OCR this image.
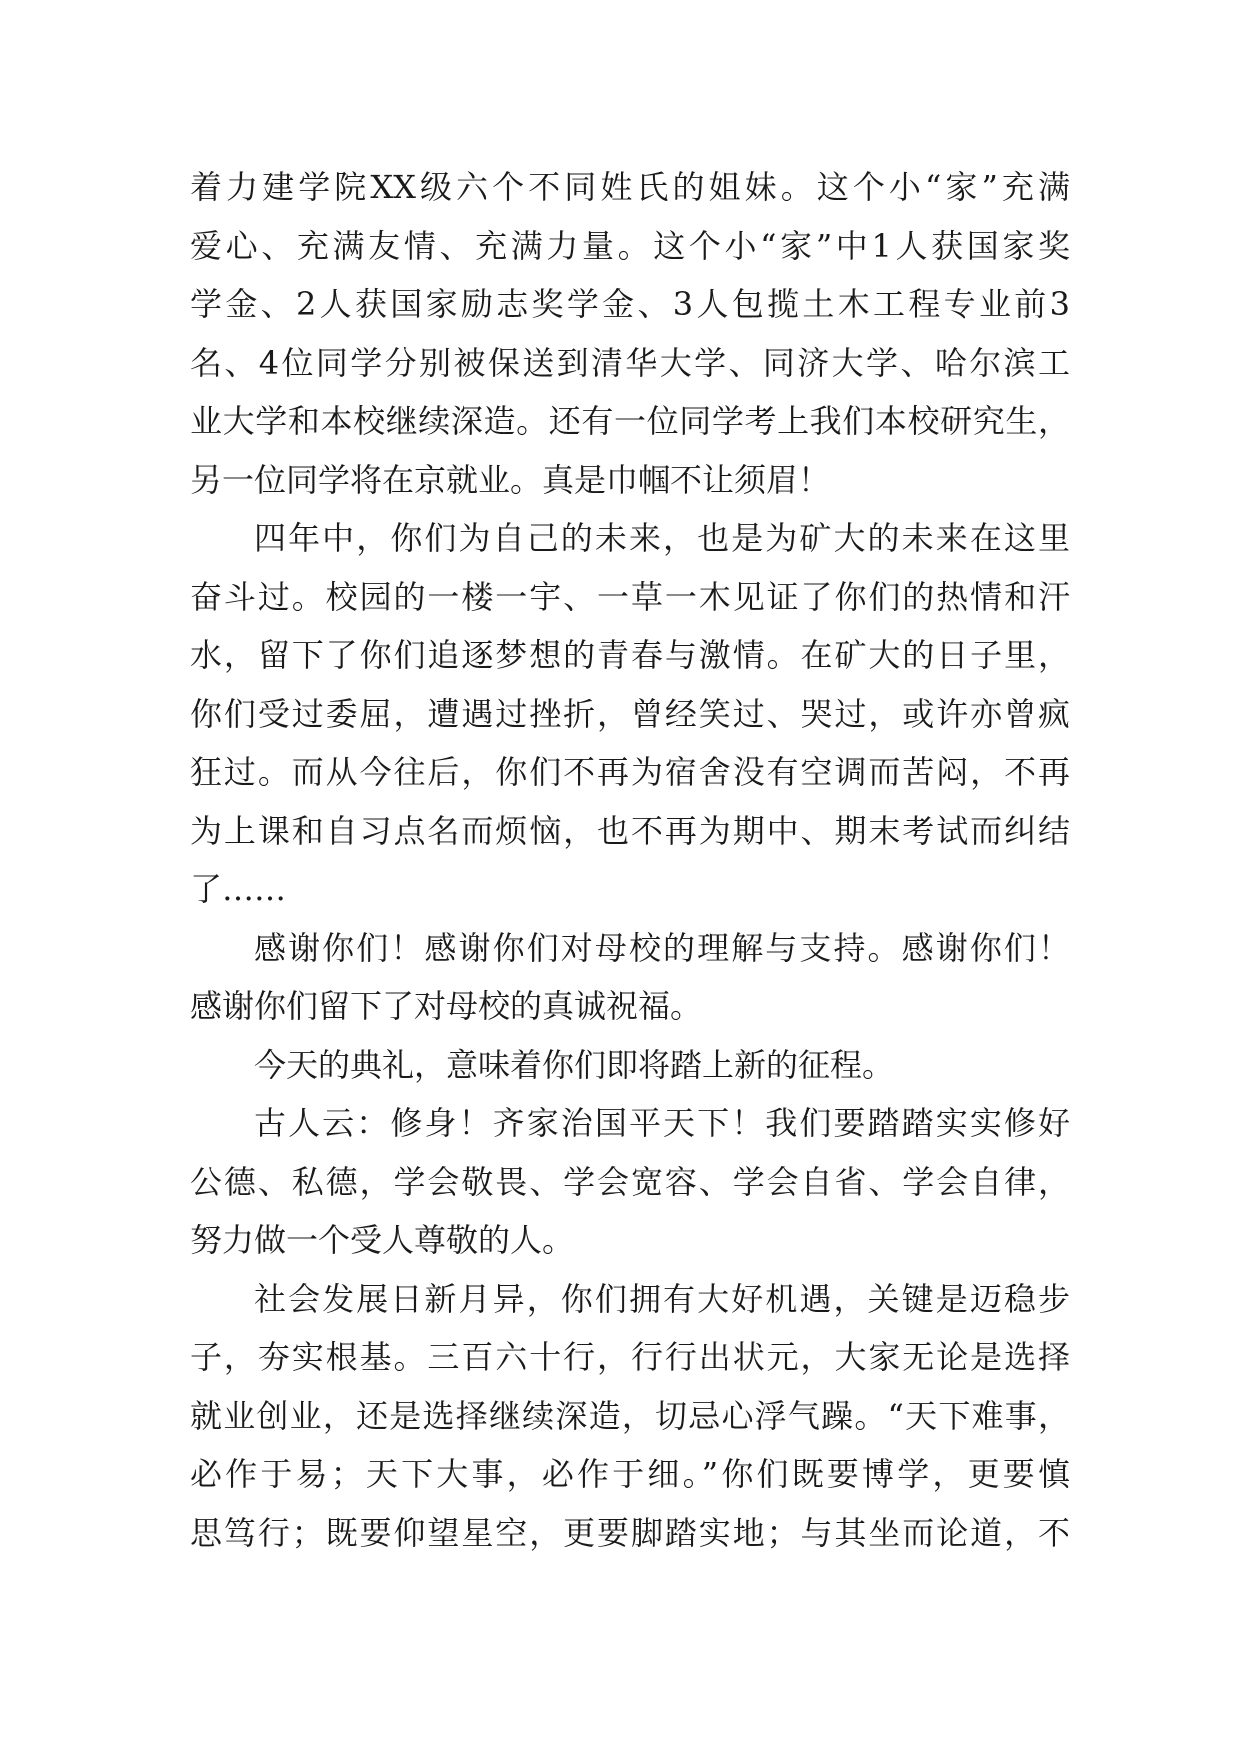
着力建学院XX级六个不同姓氏的姐妹。这个小“家”充满
爱心、充满友情、充满力量。这个小“家”中1人获国家奖
学金、2人获国家励志奖学金、3人包揽土木工程专业前3
名、4位同学分别被保送到清华大学、同济大学、哈尔滨工
业大学和本校继续深造。还有一位同学考上我们本校研究生，
另一位同学将在京就业。真是巾帼不让须眉！
四年中，你们为自己的未来，也是为矿大的未来在这里
奋斗过。校园的一楼一宇、一草一木见证了你们的热情和汗
水，留下了你们追逐梦想的青春与激情。在矿大的日子里，
你们受过委屈，遭遇过挫折，曾经笑过、哭过，或许亦曾疯
狂过。而从今往后，你们不再为宿舍没有空调而苦闷，不再
为上课和自习点名而烦恼，也不再为期中、期末考试而纠结
了……
感谢你们！感谢你们对母校的理解与支持。感谢你们！
感谢你们留下了对母校的真诚祝福。
今天的典礼，意味着你们即将踏上新的征程。
古人云：修身！齐家治国平天下！我们要踏踏实实修好
公德、私德，学会敬畏、学会宽容、学会自省、学会自律，
努力做一个受人尊敬的人。
社会发展日新月异，你们拥有大好机遇，关键是迈稳步
子，夯实根基。三百六十行，行行出状元，大家无论是选择
就业创业，还是选择继续深造，切忌心浮气躁。“天下难事，
必作于易；天下大事，必作于细。”你们既要博学，更要慎
思笃行；既要仰望星空，更要脚踏实地；与其坐而论道，不
